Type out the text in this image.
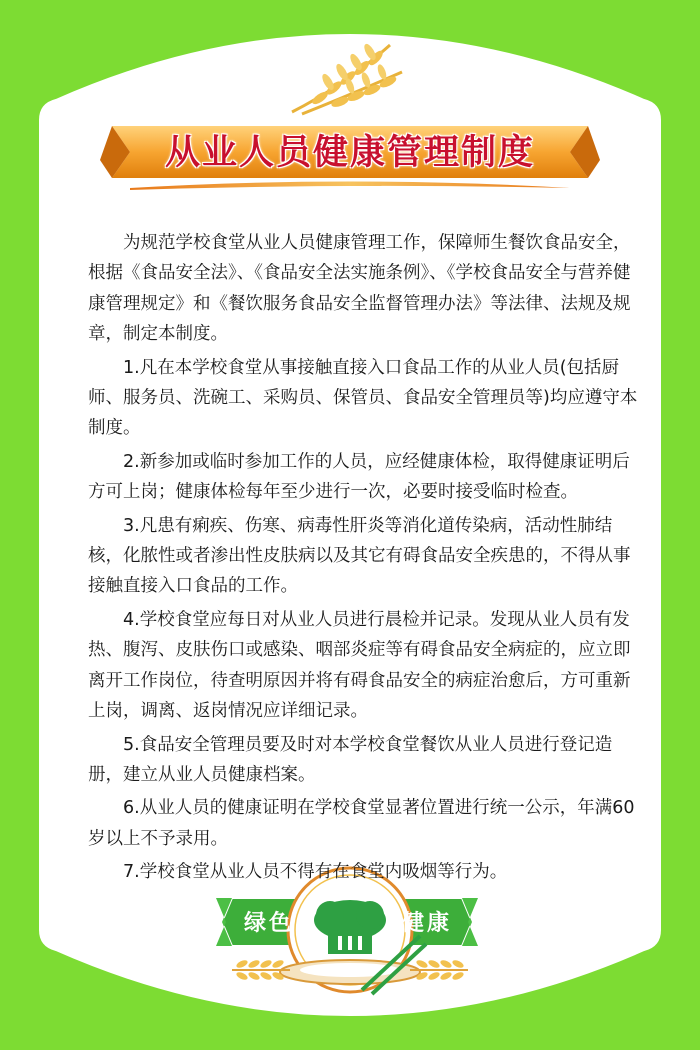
从业人员健康管理制度

为规范学校食堂从业人员健康管理工作，保障师生餐饮食品安全，根据《食品安全法》、《食品安全法实施条例》、《学校食品安全与营养健康管理规定》和《餐饮服务食品安全监督管理办法》等法律、法规及规章，制定本制度。

1.凡在本学校食堂从事接触直接入口食品工作的从业人员(包括厨师、服务员、洗碗工、采购员、保管员、食品安全管理员等)均应遵守本制度。

2.新参加或临时参加工作的人员，应经健康体检，取得健康证明后方可上岗；健康体检每年至少进行一次，必要时接受临时检查。

3.凡患有痢疾、伤寒、病毒性肝炎等消化道传染病，活动性肺结核，化脓性或者渗出性皮肤病以及其它有碍食品安全疾患的，不得从事接触直接入口食品的工作。

4.学校食堂应每日对从业人员进行晨检并记录。发现从业人员有发热、腹泻、皮肤伤口或感染、咽部炎症等有碍食品安全病症的，应立即离开工作岗位，待查明原因并将有碍食品安全的病症治愈后，方可重新上岗，调离、返岗情况应详细记录。

5.食品安全管理员要及时对本学校食堂餐饮从业人员进行登记造册，建立从业人员健康档案。

6.从业人员的健康证明在学校食堂显著位置进行统一公示，年满60岁以上不予录用。

7.学校食堂从业人员不得有在食堂内吸烟等行为。

绿色	健康
